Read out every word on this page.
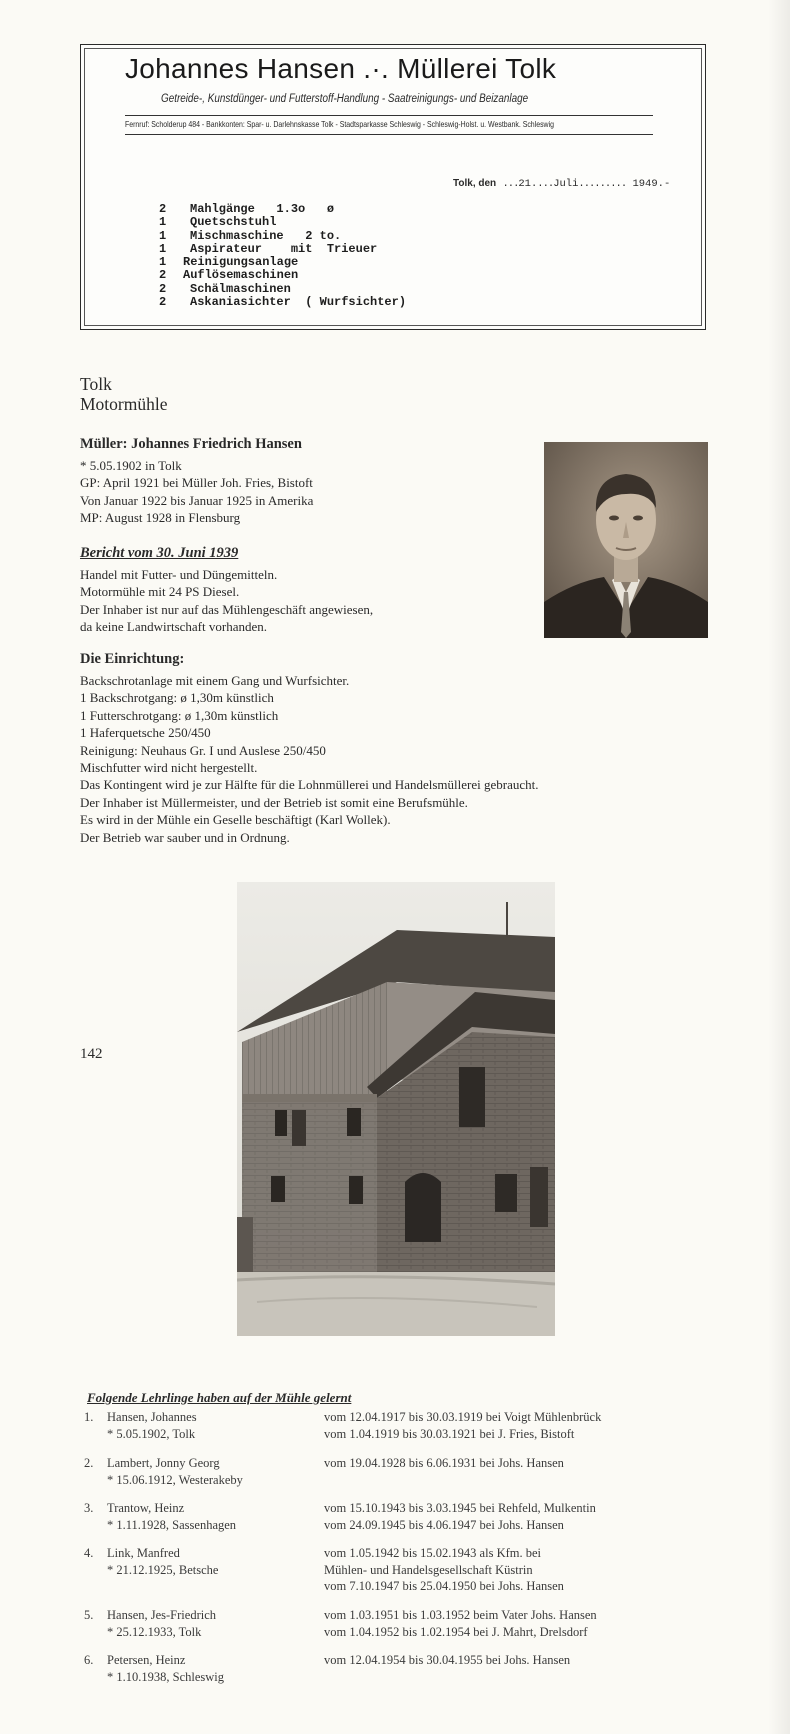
Johannes Hansen .·. Müllerei Tolk
Getreide-, Kunstdünger- und Futterstoff-Handlung - Saatreinigungs- und Beizanlage
Fernruf: Scholderup 484 - Bankkonten: Spar- u. Darlehnskasse Tolk - Stadtsparkasse Schleswig - Schleswig-Holst. u. Westbank. Schleswig
Tolk, den ...21....Juli......... 1949.-
2 Mahlgänge   1.3o   ø
1 Quetschstuhl
1 Mischmaschine   2 to.
1 Aspirateur    mit  Trieuer
1 Reinigungsanlage
2 Auflösemaschinen
2 Schälmaschinen
2 Askaniasichter  ( Wurfsichter)
Tolk
Motormühle
Müller: Johannes Friedrich Hansen
* 5.05.1902 in Tolk
GP: April 1921 bei Müller Joh. Fries, Bistoft
Von Januar 1922 bis Januar 1925 in Amerika
MP: August 1928 in Flensburg
Bericht vom 30. Juni 1939
Handel mit Futter- und Düngemitteln.
Motormühle mit 24 PS Diesel.
Der Inhaber ist nur auf das Mühlengeschäft angewiesen,
da keine Landwirtschaft vorhanden.
Die Einrichtung:
Backschrotanlage mit einem Gang und Wurfsichter.
1 Backschrotgang: ø 1,30m künstlich
1 Futterschrotgang: ø 1,30m künstlich
1 Haferquetsche 250/450
Reinigung: Neuhaus Gr. I und Auslese 250/450
Mischfutter wird nicht hergestellt.
Das Kontingent wird je zur Hälfte für die Lohnmüllerei und Handelsmüllerei gebraucht.
Der Inhaber ist Müllermeister, und der Betrieb ist somit eine Berufsmühle.
Es wird in der Mühle ein Geselle beschäftigt (Karl Wollek).
Der Betrieb war sauber und in Ordnung.
142
Folgende Lehrlinge haben auf der Mühle gelernt
1. Hansen, Johannes
* 5.05.1902, Tolk
vom 12.04.1917 bis 30.03.1919 bei Voigt Mühlenbrück
vom 1.04.1919 bis 30.03.1921 bei J. Fries, Bistoft
2. Lambert, Jonny Georg
* 15.06.1912, Westerakeby
vom 19.04.1928 bis 6.06.1931 bei Johs. Hansen
3. Trantow, Heinz
* 1.11.1928, Sassenhagen
vom 15.10.1943 bis 3.03.1945 bei Rehfeld, Mulkentin
vom 24.09.1945 bis 4.06.1947 bei Johs. Hansen
4. Link, Manfred
* 21.12.1925, Betsche
vom 1.05.1942 bis 15.02.1943 als Kfm. bei
Mühlen- und Handelsgesellschaft Küstrin
vom 7.10.1947 bis 25.04.1950 bei Johs. Hansen
5. Hansen, Jes-Friedrich
* 25.12.1933, Tolk
vom 1.03.1951 bis 1.03.1952 beim Vater Johs. Hansen
vom 1.04.1952 bis 1.02.1954 bei J. Mahrt, Drelsdorf
6. Petersen, Heinz
* 1.10.1938, Schleswig
vom 12.04.1954 bis 30.04.1955 bei Johs. Hansen
